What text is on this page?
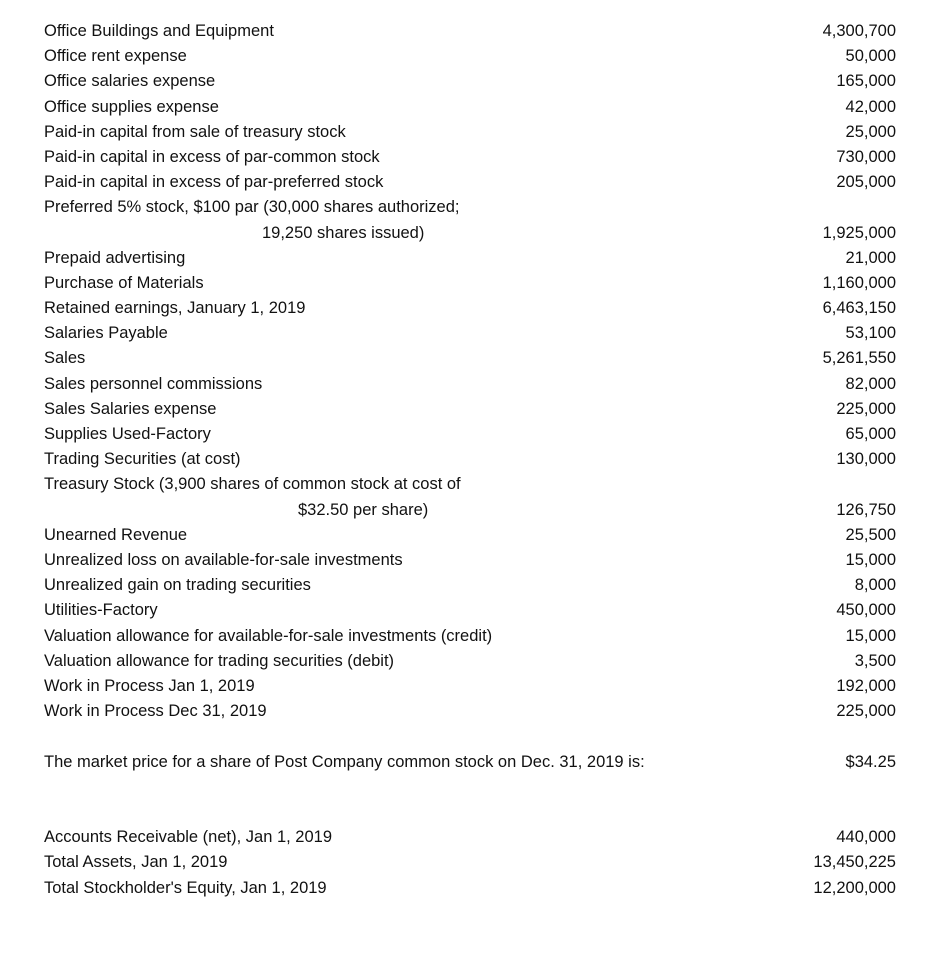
Office Buildings and Equipment	4,300,700
Office rent expense	50,000
Office salaries expense	165,000
Office supplies expense	42,000
Paid-in capital from sale of treasury stock	25,000
Paid-in capital in excess of par-common stock	730,000
Paid-in capital in excess of par-preferred stock	205,000
Preferred 5% stock, $100 par (30,000 shares authorized;
19,250 shares issued)	1,925,000
Prepaid advertising	21,000
Purchase of Materials	1,160,000
Retained earnings, January 1, 2019	6,463,150
Salaries Payable	53,100
Sales	5,261,550
Sales personnel commissions	82,000
Sales Salaries expense	225,000
Supplies Used-Factory	65,000
Trading Securities (at cost)	130,000
Treasury Stock (3,900 shares of common stock at cost of
$32.50 per share)	126,750
Unearned Revenue	25,500
Unrealized loss on available-for-sale investments	15,000
Unrealized gain on trading securities	8,000
Utilities-Factory	450,000
Valuation allowance for available-for-sale investments (credit)	15,000
Valuation allowance for trading securities (debit)	3,500
Work in Process Jan 1, 2019	192,000
Work in Process Dec 31, 2019	225,000
The market price for a share of Post Company common stock on Dec. 31, 2019 is:	$34.25
Accounts Receivable (net), Jan 1, 2019	440,000
Total Assets, Jan 1, 2019	13,450,225
Total Stockholder's Equity, Jan 1, 2019	12,200,000
